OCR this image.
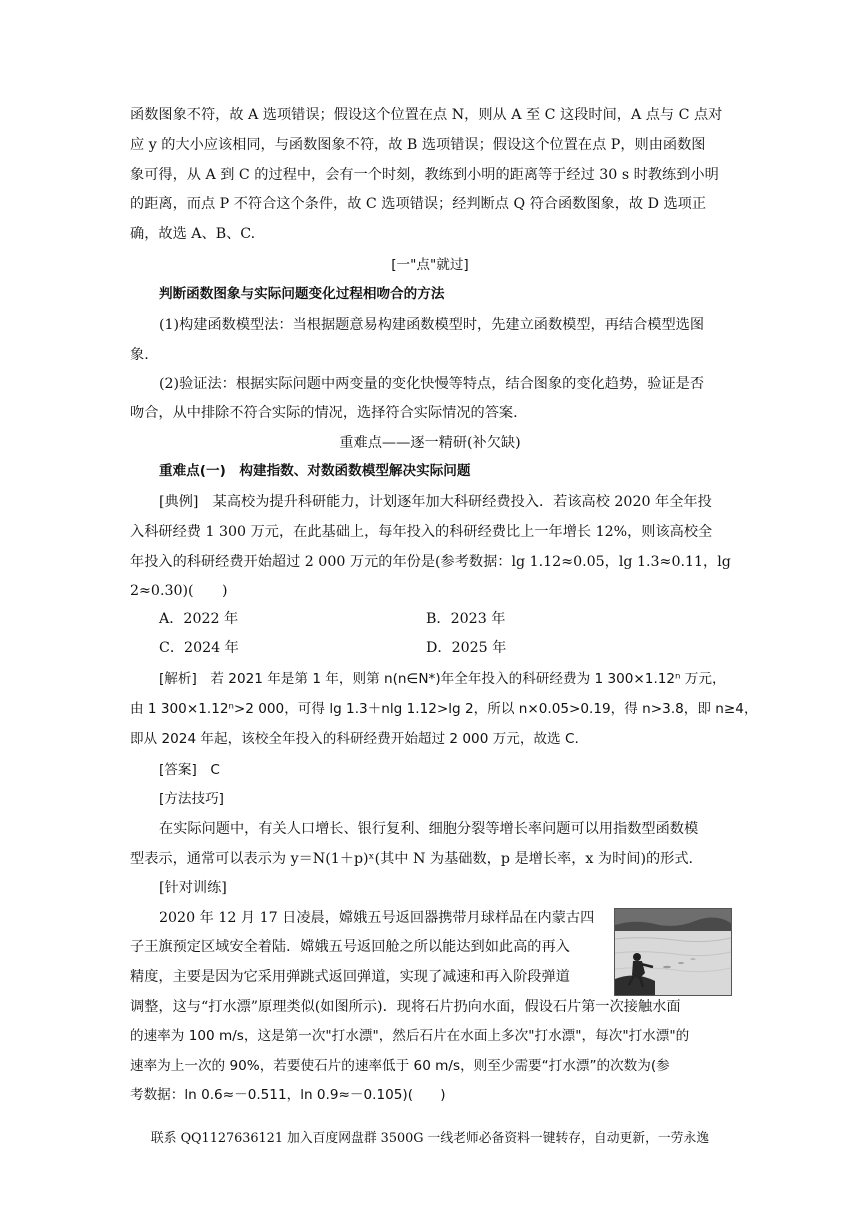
函数图象不符，故 A 选项错误；假设这个位置在点 N，则从 A 至 C 这段时间，A 点与 C 点对
应 y 的大小应该相同，与函数图象不符，故 B 选项错误；假设这个位置在点 P，则由函数图
象可得，从 A 到 C 的过程中，会有一个时刻，教练到小明的距离等于经过 30 s 时教练到小明
的距离，而点 P 不符合这个条件，故 C 选项错误；经判断点 Q 符合函数图象，故 D 选项正
确，故选 A、B、C.
[一"点"就过]
判断函数图象与实际问题变化过程相吻合的方法
(1)构建函数模型法：当根据题意易构建函数模型时，先建立函数模型，再结合模型选图
象.
(2)验证法：根据实际问题中两变量的变化快慢等特点，结合图象的变化趋势，验证是否
吻合，从中排除不符合实际的情况，选择符合实际情况的答案.
重难点——逐一精研(补欠缺)
重难点(一)　构建指数、对数函数模型解决实际问题
[典例]　某高校为提升科研能力，计划逐年加大科研经费投入．若该高校 2020 年全年投
入科研经费 1 300 万元，在此基础上，每年投入的科研经费比上一年增长 12%，则该高校全
年投入的科研经费开始超过 2 000 万元的年份是(参考数据：lg 1.12≈0.05，lg 1.3≈0.11，lg
2≈0.30)(　　)
A．2022 年	B．2023 年
C．2024 年	D．2025 年
[解析]　若 2021 年是第 1 年，则第 n(n∈N*)年全年投入的科研经费为 1 300×1.12ⁿ 万元，
由 1 300×1.12ⁿ>2 000，可得 lg 1.3＋nlg 1.12>lg 2，所以 n×0.05>0.19，得 n>3.8，即 n≥4，
即从 2024 年起，该校全年投入的科研经费开始超过 2 000 万元，故选 C.
[答案]　C
[方法技巧]
在实际问题中，有关人口增长、银行复利、细胞分裂等增长率问题可以用指数型函数模
型表示，通常可以表示为 y＝N(1＋p)ˣ(其中 N 为基础数，p 是增长率，x 为时间)的形式.
[针对训练]
2020 年 12 月 17 日凌晨，嫦娥五号返回器携带月球样品在内蒙古四
子王旗预定区域安全着陆．嫦娥五号返回舱之所以能达到如此高的再入
精度，主要是因为它采用弹跳式返回弹道，实现了减速和再入阶段弹道
调整，这与“打水漂”原理类似(如图所示)．现将石片扔向水面，假设石片第一次接触水面
的速率为 100 m/s，这是第一次"打水漂"，然后石片在水面上多次"打水漂"，每次"打水漂"的
速率为上一次的 90%，若要使石片的速率低于 60 m/s，则至少需要“打水漂”的次数为(参
考数据：ln 0.6≈－0.511，ln 0.9≈－0.105)(　　)
联系 QQ1127636121 加入百度网盘群 3500G 一线老师必备资料一键转存，自动更新，一劳永逸
